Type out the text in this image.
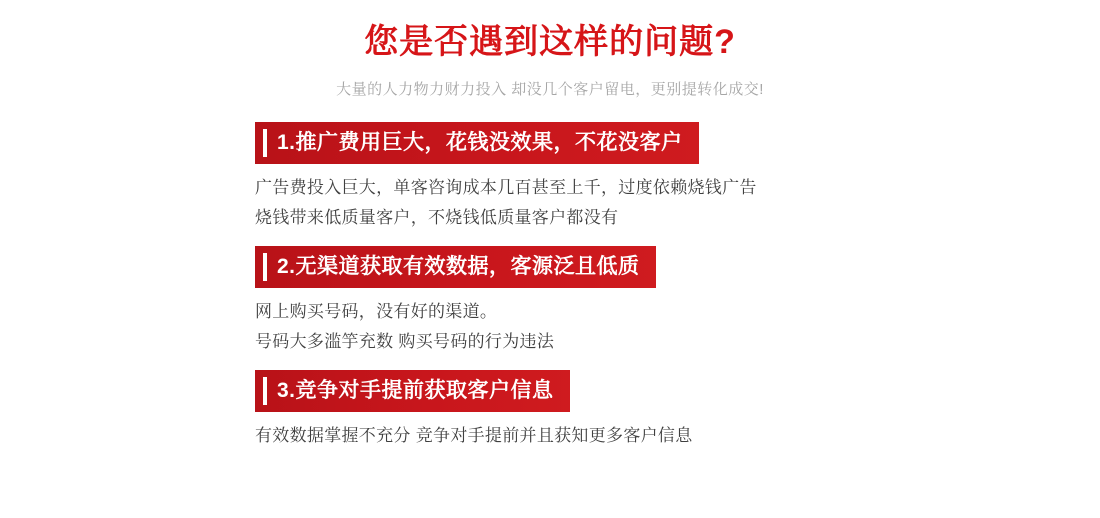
您是否遇到这样的问题?

大量的人力物力财力投入 却没几个客户留电，更别提转化成交!

1.推广费用巨大，花钱没效果，不花没客户
广告费投入巨大，单客咨询成本几百甚至上千，过度依赖烧钱广告
烧钱带来低质量客户，不烧钱低质量客户都没有
2.无渠道获取有效数据，客源泛且低质
网上购买号码，没有好的渠道。
号码大多滥竽充数 购买号码的行为违法
3.竞争对手提前获取客户信息
有效数据掌握不充分 竞争对手提前并且获知更多客户信息
